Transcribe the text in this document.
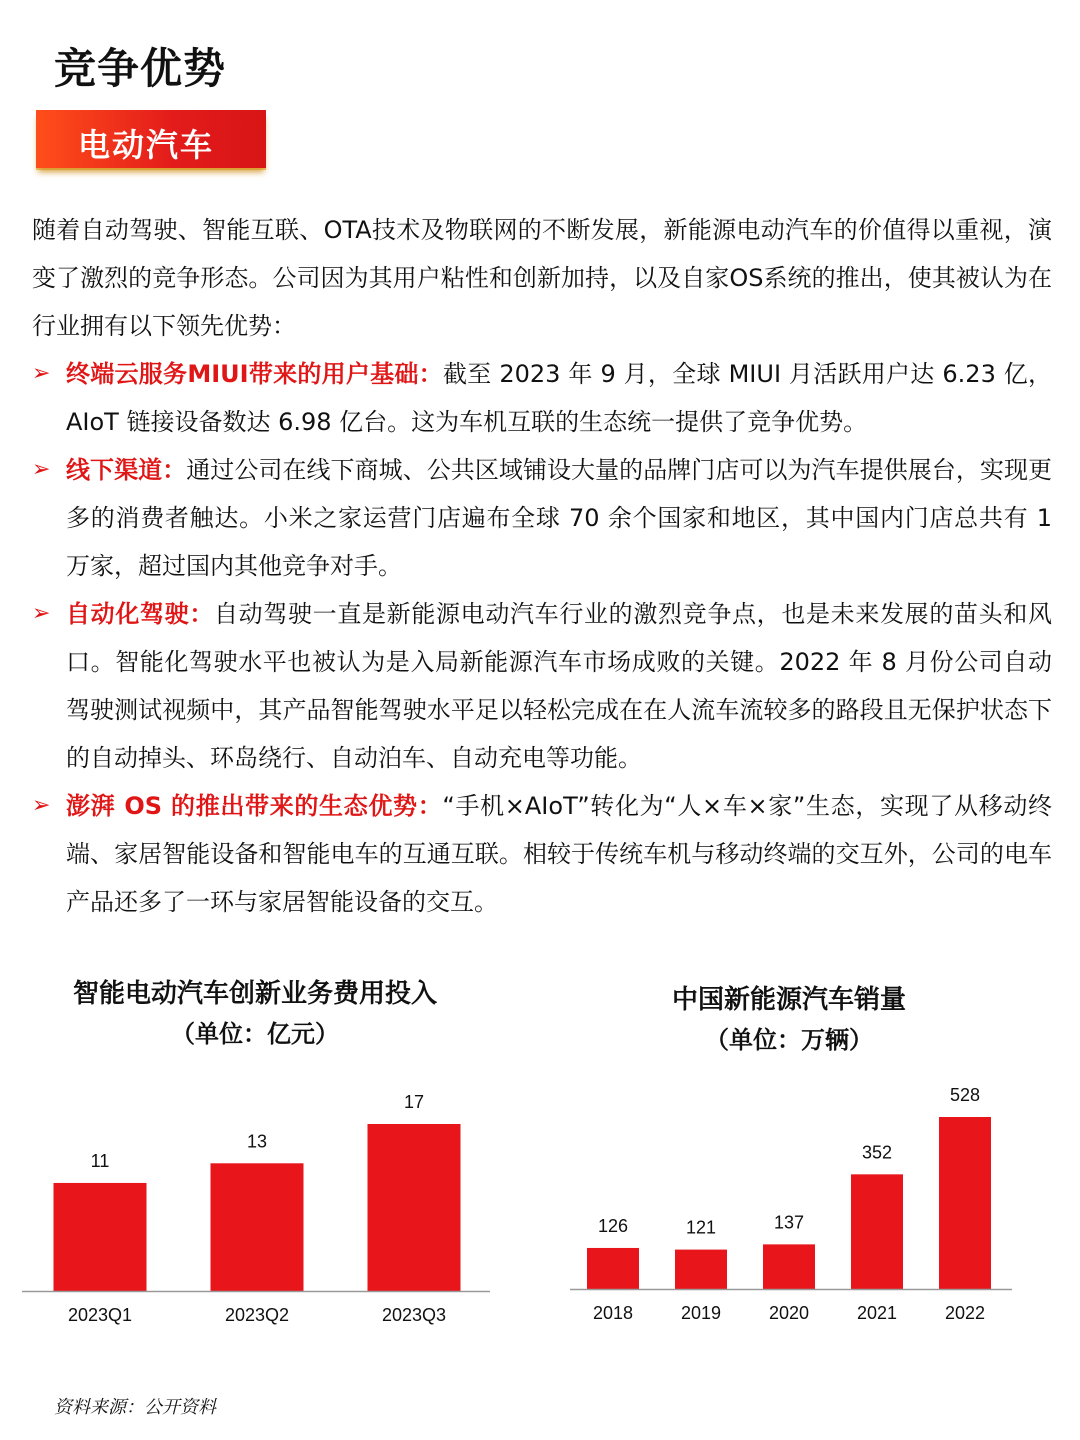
竞争优势
电动汽车

随着自动驾驶、智能互联、OTA技术及物联网的不断发展，新能源电动汽车的价值得以重视，演变了激烈的竞争形态。公司因为其用户粘性和创新加持，以及自家OS系统的推出，使其被认为在行业拥有以下领先优势：

➢ 终端云服务MIUI带来的用户基础：截至 2023 年 9 月，全球 MIUI 月活跃用户达 6.23 亿，AIoT 链接设备数达 6.98 亿台。这为车机互联的生态统一提供了竞争优势。

➢ 线下渠道：通过公司在线下商城、公共区域铺设大量的品牌门店可以为汽车提供展台，实现更多的消费者触达。小米之家运营门店遍布全球 70 余个国家和地区，其中国内门店总共有 1 万家，超过国内其他竞争对手。

➢ 自动化驾驶：自动驾驶一直是新能源电动汽车行业的激烈竞争点，也是未来发展的苗头和风口。智能化驾驶水平也被认为是入局新能源汽车市场成败的关键。2022 年 8 月份公司自动驾驶测试视频中，其产品智能驾驶水平足以轻松完成在在人流车流较多的路段且无保护状态下的自动掉头、环岛绕行、自动泊车、自动充电等功能。

➢ 澎湃 OS 的推出带来的生态优势：“手机×AIoT”转化为“人×车×家”生态，实现了从移动终端、家居智能设备和智能电车的互通互联。相较于传统车机与移动终端的交互外，公司的电车产品还多了一环与家居智能设备的交互。

智能电动汽车创新业务费用投入
（单位：亿元）
11
2023Q1
13
2023Q2
17
2023Q3
中国新能源汽车销量
（单位：万辆）
126
2018
121
2019
137
2020
352
2021
528
2022
资料来源：公开资料
